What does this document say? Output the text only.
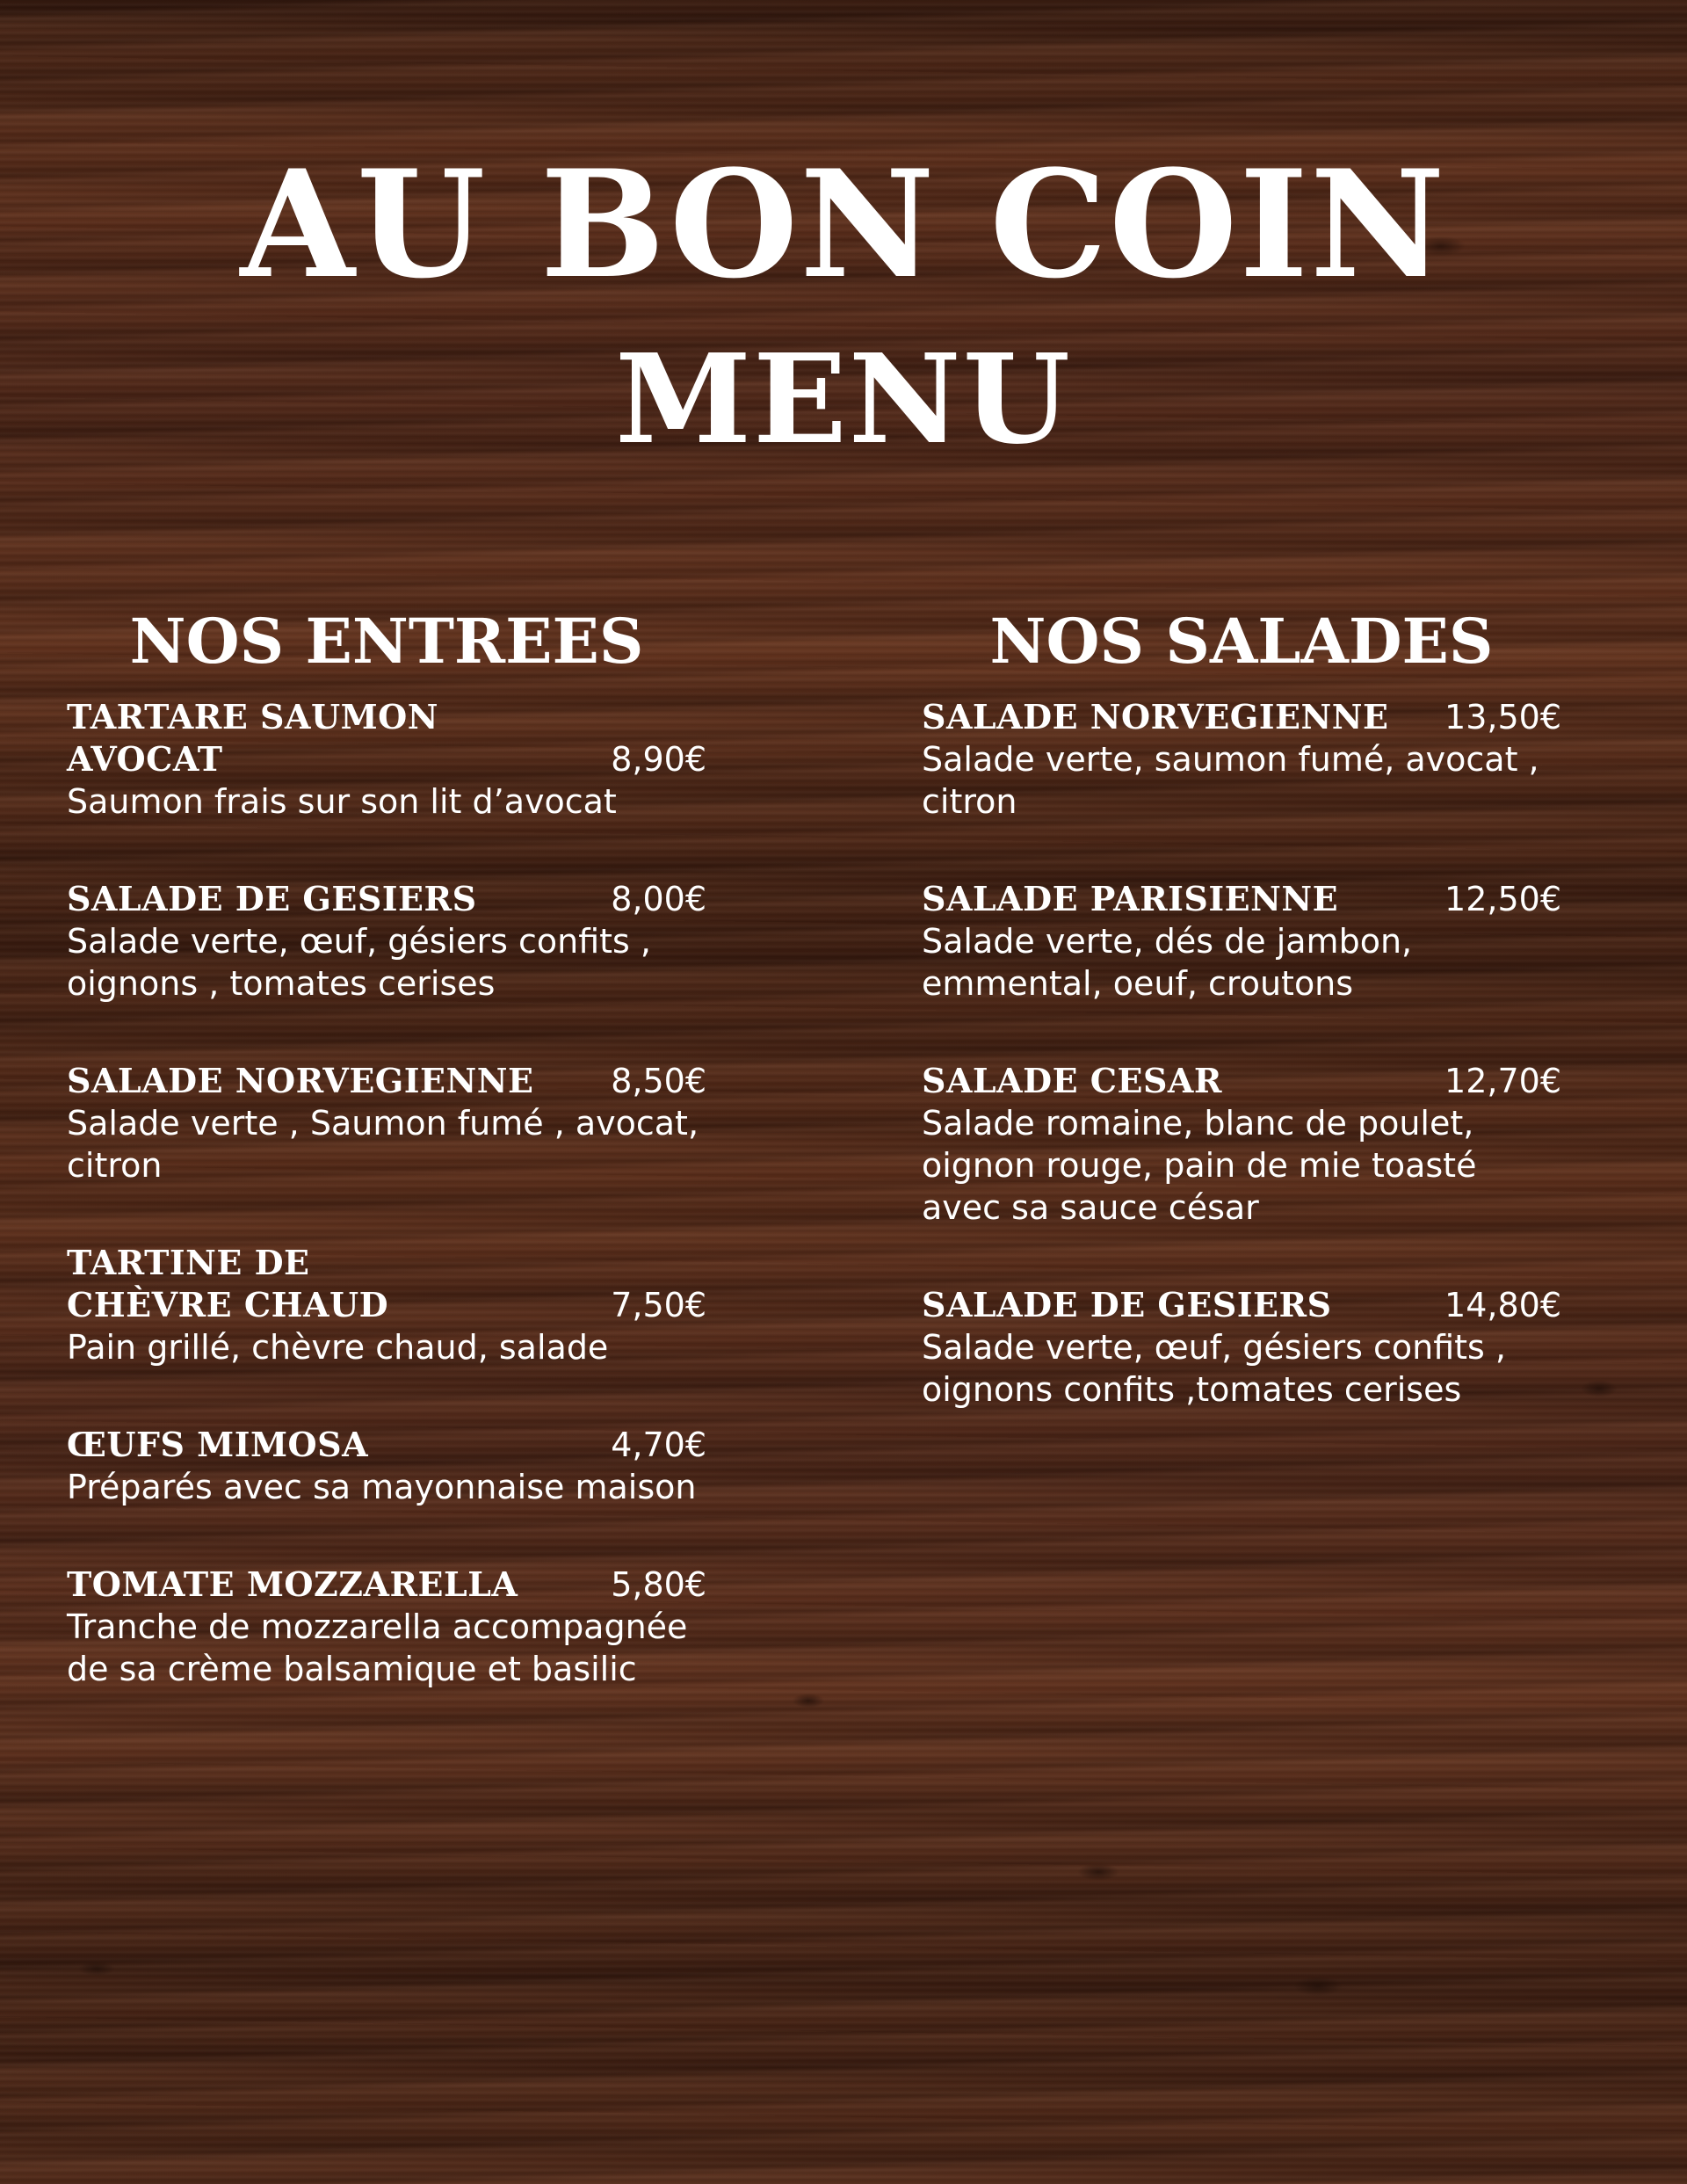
AU BON COIN
MENU
NOS ENTREES
TARTARE SAUMON AVOCAT	8,90€
Saumon frais sur son lit d’avocat
SALADE DE GESIERS	8,00€
Salade verte, œuf, gésiers confits , oignons , tomates cerises
SALADE NORVEGIENNE 8,50€
Salade verte , Saumon fumé , avocat, citron
TARTINE DE CHÈVRE CHAUD	7,50€
Pain grillé, chèvre chaud, salade
ŒUFS MIMOSA	4,70€
Préparés avec sa mayonnaise maison
TOMATE MOZZARELLA	5,80€
Tranche de mozzarella accompagnée de sa crème balsamique et basilic
NOS SALADES
SALADE NORVEGIENNE 13,50€
Salade verte, saumon fumé, avocat , citron
SALADE PARISIENNE	12,50€
Salade verte, dés de jambon, emmental, oeuf, croutons
SALADE CESAR	12,70€
Salade romaine, blanc de poulet, oignon rouge, pain de mie toasté avec sa sauce césar
SALADE DE GESIERS	14,80€
Salade verte, œuf, gésiers confits , oignons confits ,tomates cerises
